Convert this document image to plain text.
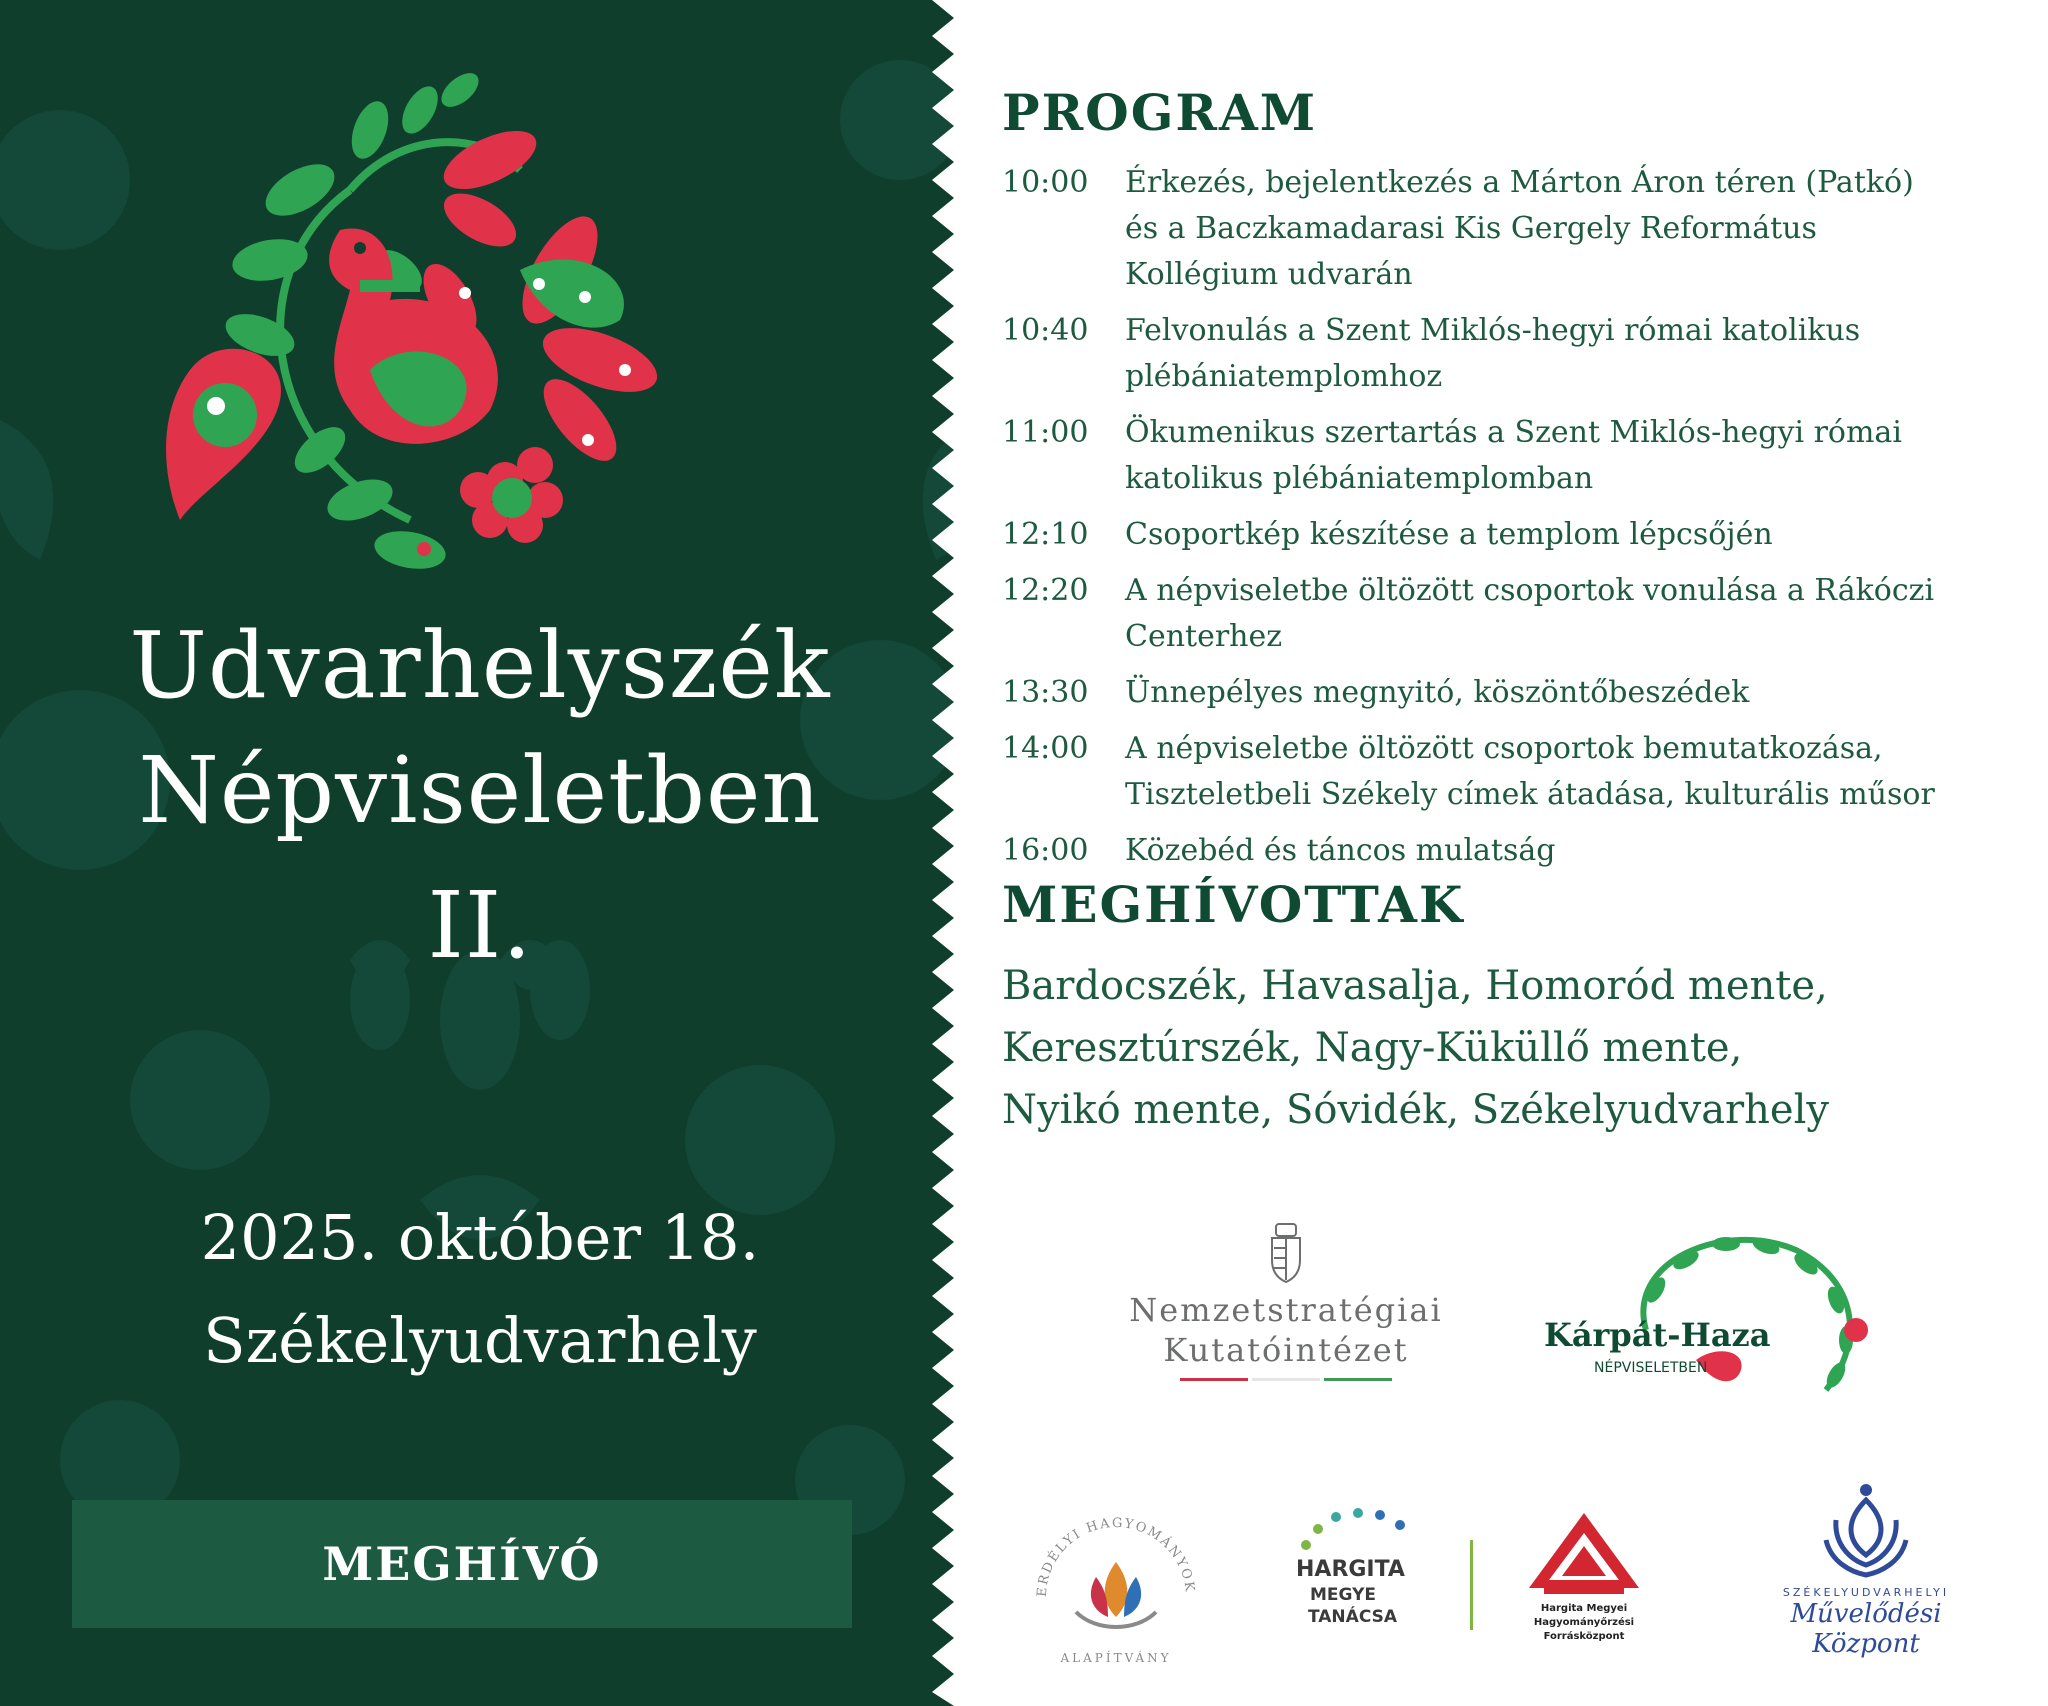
Udvarhelyszék
Népviseletben
II.
2025. október 18.
Székelyudvarhely
MEGHÍVÓ
PROGRAM
10:00	Érkezés, bejelentkezés a Márton Áron téren (Patkó)
és a Baczkamadarasi Kis Gergely Református
Kollégium udvarán
10:40	Felvonulás a Szent Miklós-hegyi római katolikus
plébániatemplomhoz
11:00	Ökumenikus szertartás a Szent Miklós-hegyi római
katolikus plébániatemplomban
12:10	Csoportkép készítése a templom lépcsőjén
12:20	A népviseletbe öltözött csoportok vonulása a Rákóczi Centerhez
13:30	Ünnepélyes megnyitó, köszöntőbeszédek
14:00	A népviseletbe öltözött csoportok bemutatkozása,
Tiszteletbeli Székely címek átadása, kulturális műsor
16:00	Közebéd és táncos mulatság
MEGHÍVOTTAK
Bardocszék, Havasalja, Homoród mente,
Keresztúrszék, Nagy-Küküllő mente,
Nyikó mente, Sóvidék, Székelyudvarhely
Nemzetstratégiai
Kutatóintézet	Kárpát-Haza
NÉPVISELETBEN
ERDÉLYI HAGYOMÁNYOK
ALAPÍTVÁNY
HARGITA
MEGYE
TANÁCSA	Hargita Megyei
Hagyományőrzési Forrásközpont
SZÉKELYUDVARHELYI
Művelődési Központ
